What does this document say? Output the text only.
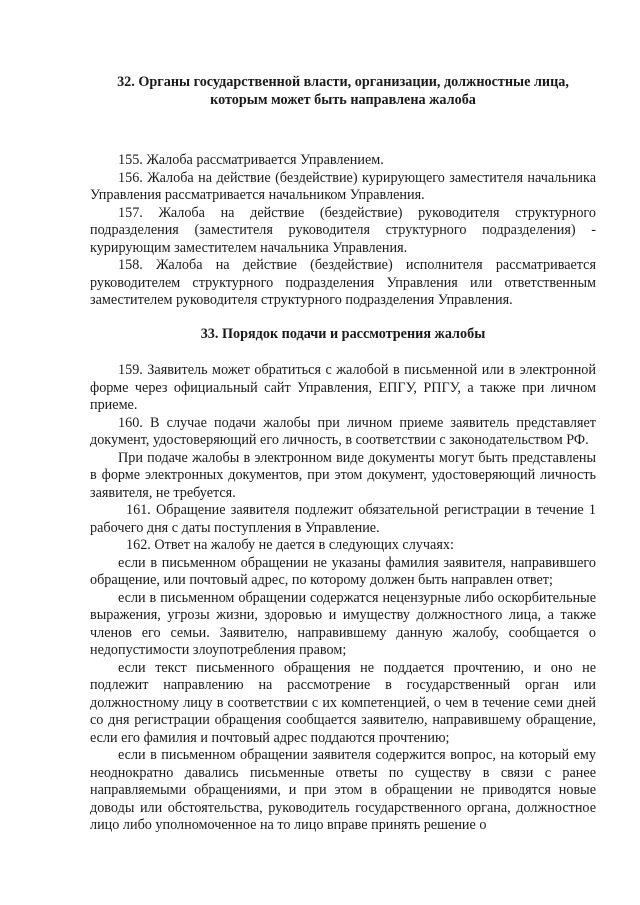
32. Органы государственной власти, организации, должностные лица, которым может быть направлена жалоба

155. Жалоба рассматривается Управлением.

156. Жалоба на действие (бездействие) курирующего заместителя начальника Управления рассматривается начальником Управления.

157. Жалоба на действие (бездействие) руководителя структурного подразделения (заместителя руководителя структурного подразделения) - курирующим заместителем начальника Управления.

158. Жалоба на действие (бездействие) исполнителя рассматривается руководителем структурного подразделения Управления или ответственным заместителем руководителя структурного подразделения Управления.

33. Порядок подачи и рассмотрения жалобы

159. Заявитель может обратиться с жалобой в письменной или в электронной форме через официальный сайт Управления, ЕПГУ, РПГУ, а также при личном приеме.

160. В случае подачи жалобы при личном приеме заявитель представляет документ, удостоверяющий его личность, в соответствии с законодательством РФ.

При подаче жалобы в электронном виде документы могут быть представлены в форме электронных документов, при этом документ, удостоверяющий личность заявителя, не требуется.

161. Обращение заявителя подлежит обязательной регистрации в течение 1 рабочего дня с даты поступления в Управление.

162. Ответ на жалобу не дается в следующих случаях:

если в письменном обращении не указаны фамилия заявителя, направившего обращение, или почтовый адрес, по которому должен быть направлен ответ;

если в письменном обращении содержатся нецензурные либо оскорбительные выражения, угрозы жизни, здоровью и имуществу должностного лица, а также членов его семьи. Заявителю, направившему данную жалобу, сообщается о недопустимости злоупотребления правом;

если текст письменного обращения не поддается прочтению, и оно не подлежит направлению на рассмотрение в государственный орган или должностному лицу в соответствии с их компетенцией, о чем в течение семи дней со дня регистрации обращения сообщается заявителю, направившему обращение, если его фамилия и почтовый адрес поддаются прочтению;

если в письменном обращении заявителя содержится вопрос, на который ему неоднократно давались письменные ответы по существу в связи с ранее направляемыми обращениями, и при этом в обращении не приводятся новые доводы или обстоятельства, руководитель государственного органа, должностное лицо либо уполномоченное на то лицо вправе принять решение о
